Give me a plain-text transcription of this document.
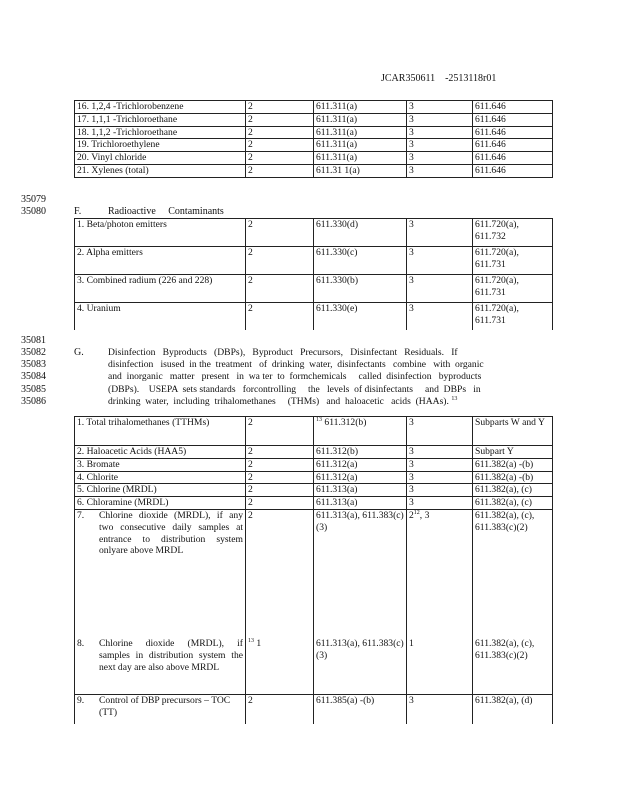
JCAR350611    -2513118r01
16. 1,2,4 -Trichlorobenzene	2	611.311(a)	3	611.646
17. 1,1,1 -Trichloroethane	2	611.311(a)	3	611.646
18. 1,1,2 -Trichloroethane	2	611.311(a)	3	611.646
19. Trichloroethylene	2	611.311(a)	3	611.646
20. Vinyl chloride	2	611.311(a)	3	611.646
21. Xylenes (total)	2	611.31 1(a)	3	611.646
35079
35080	F.	Radioactive     Contaminants
1. Beta/photon emitters	2	611.330(d)	3	611.720(a), 611.732
2. Alpha emitters	2	611.330(c)	3	611.720(a), 611.731
3. Combined radium (226 and 228)	2	611.330(b)	3	611.720(a), 611.731
4. Uranium	2	611.330(e)	3	611.720(a), 611.731
35081
35082
35083
35084
35085
35086
G.	Disinfection   Byproducts   (DBPs),   Byproduct   Precursors,   Disinfectant   Residuals.   If
disinfection   isused  in the  treatment   of  drinking  water,  disinfectants   combine   with  organic
and  inorganic   matter   present   in  wa ter  to  formchemicals     called  disinfection   byproducts
(DBPs).    USEPA  sets standards   forcontrolling     the   levels  of disinfectants     and  DBPs   in
drinking  water,  including  trihalomethanes     (THMs)   and  haloacetic   acids  (HAAs). $^{13}$
1. Total trihalomethanes (TTHMs)	2	$^{13}$ 611.312(b)	3	Subparts W and Y
2. Haloacetic Acids (HAA5)	2	611.312(b)	3	Subpart Y
3. Bromate	2	611.312(a)	3	611.382(a) -(b)
4. Chlorite	2	611.312(a)	3	611.382(a) -(b)
5. Chlorine (MRDL)	2	611.313(a)	3	611.382(a), (c)
6. Chloramine (MRDL)	2	611.313(a)	3	611.382(a), (c)

7. Chlorine dioxide (MRDL), if any two consecutive daily samples at entrance to distribution system onlyare above MRDL	2	611.313(a), 611.383(c)(3)	$2^{12}$, 3	611.382(a), (c), 611.383(c)(2)

8. Chlorine dioxide (MRDL), if samples in distribution system the next day are also above MRDL	$^{13}$ 1	611.313(a), 611.383(c)(3)	1	611.382(a), (c), 611.383(c)(2)

9. Control of DBP precursors – TOC (TT)	2	611.385(a) -(b)	3	611.382(a), (d)
